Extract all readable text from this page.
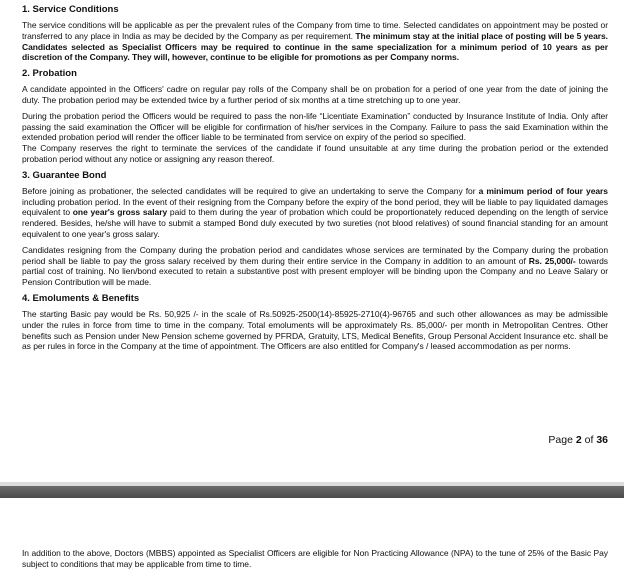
1. Service Conditions

The service conditions will be applicable as per the prevalent rules of the Company from time to time. Selected candidates on appointment may be posted or transferred to any place in India as may be decided by the Company as per requirement. The minimum stay at the initial place of posting will be 5 years. Candidates selected as Specialist Officers may be required to continue in the same specialization for a minimum period of 10 years as per discretion of the Company. They will, however, continue to be eligible for promotions as per Company norms.

2. Probation

A candidate appointed in the Officers' cadre on regular pay rolls of the Company shall be on probation for a period of one year from the date of joining the duty. The probation period may be extended twice by a further period of six months at a time stretching up to one year.

During the probation period the Officers would be required to pass the non-life “Licentiate Examination” conducted by Insurance Institute of India. Only after passing the said examination the Officer will be eligible for confirmation of his/her services in the Company. Failure to pass the said Examination within the extended probation period will render the officer liable to be terminated from service on expiry of the period so specified.

The Company reserves the right to terminate the services of the candidate if found unsuitable at any time during the probation period or the extended probation period without any notice or assigning any reason thereof.

3. Guarantee Bond

Before joining as probationer, the selected candidates will be required to give an undertaking to serve the Company for a minimum period of four years including probation period. In the event of their resigning from the Company before the expiry of the bond period, they will be liable to pay liquidated damages equivalent to one year's gross salary paid to them during the year of probation which could be proportionately reduced depending on the length of service rendered. Besides, he/she will have to submit a stamped Bond duly executed by two sureties (not blood relatives) of sound financial standing for an amount equivalent to one year's gross salary.

Candidates resigning from the Company during the probation period and candidates whose services are terminated by the Company during the probation period shall be liable to pay the gross salary received by them during their entire service in the Company in addition to an amount of Rs. 25,000/- towards partial cost of training. No lien/bond executed to retain a substantive post with present employer will be binding upon the Company and no Leave Salary or Pension Contribution will be made.

4. Emoluments & Benefits

The starting Basic pay would be Rs. 50,925 /- in the scale of Rs.50925-2500(14)-85925-2710(4)-96765 and such other allowances as may be admissible under the rules in force from time to time in the company. Total emoluments will be approximately Rs. 85,000/- per month in Metropolitan Centres. Other benefits such as Pension under New Pension scheme governed by PFRDA, Gratuity, LTS, Medical Benefits, Group Personal Accident Insurance etc. shall be as per rules in force in the Company at the time of appointment. The Officers are also entitled for Company's / leased accommodation as per norms.

Page 2 of 36

In addition to the above, Doctors (MBBS) appointed as Specialist Officers are eligible for Non Practicing Allowance (NPA) to the tune of 25% of the Basic Pay subject to conditions that may be applicable from time to time.
